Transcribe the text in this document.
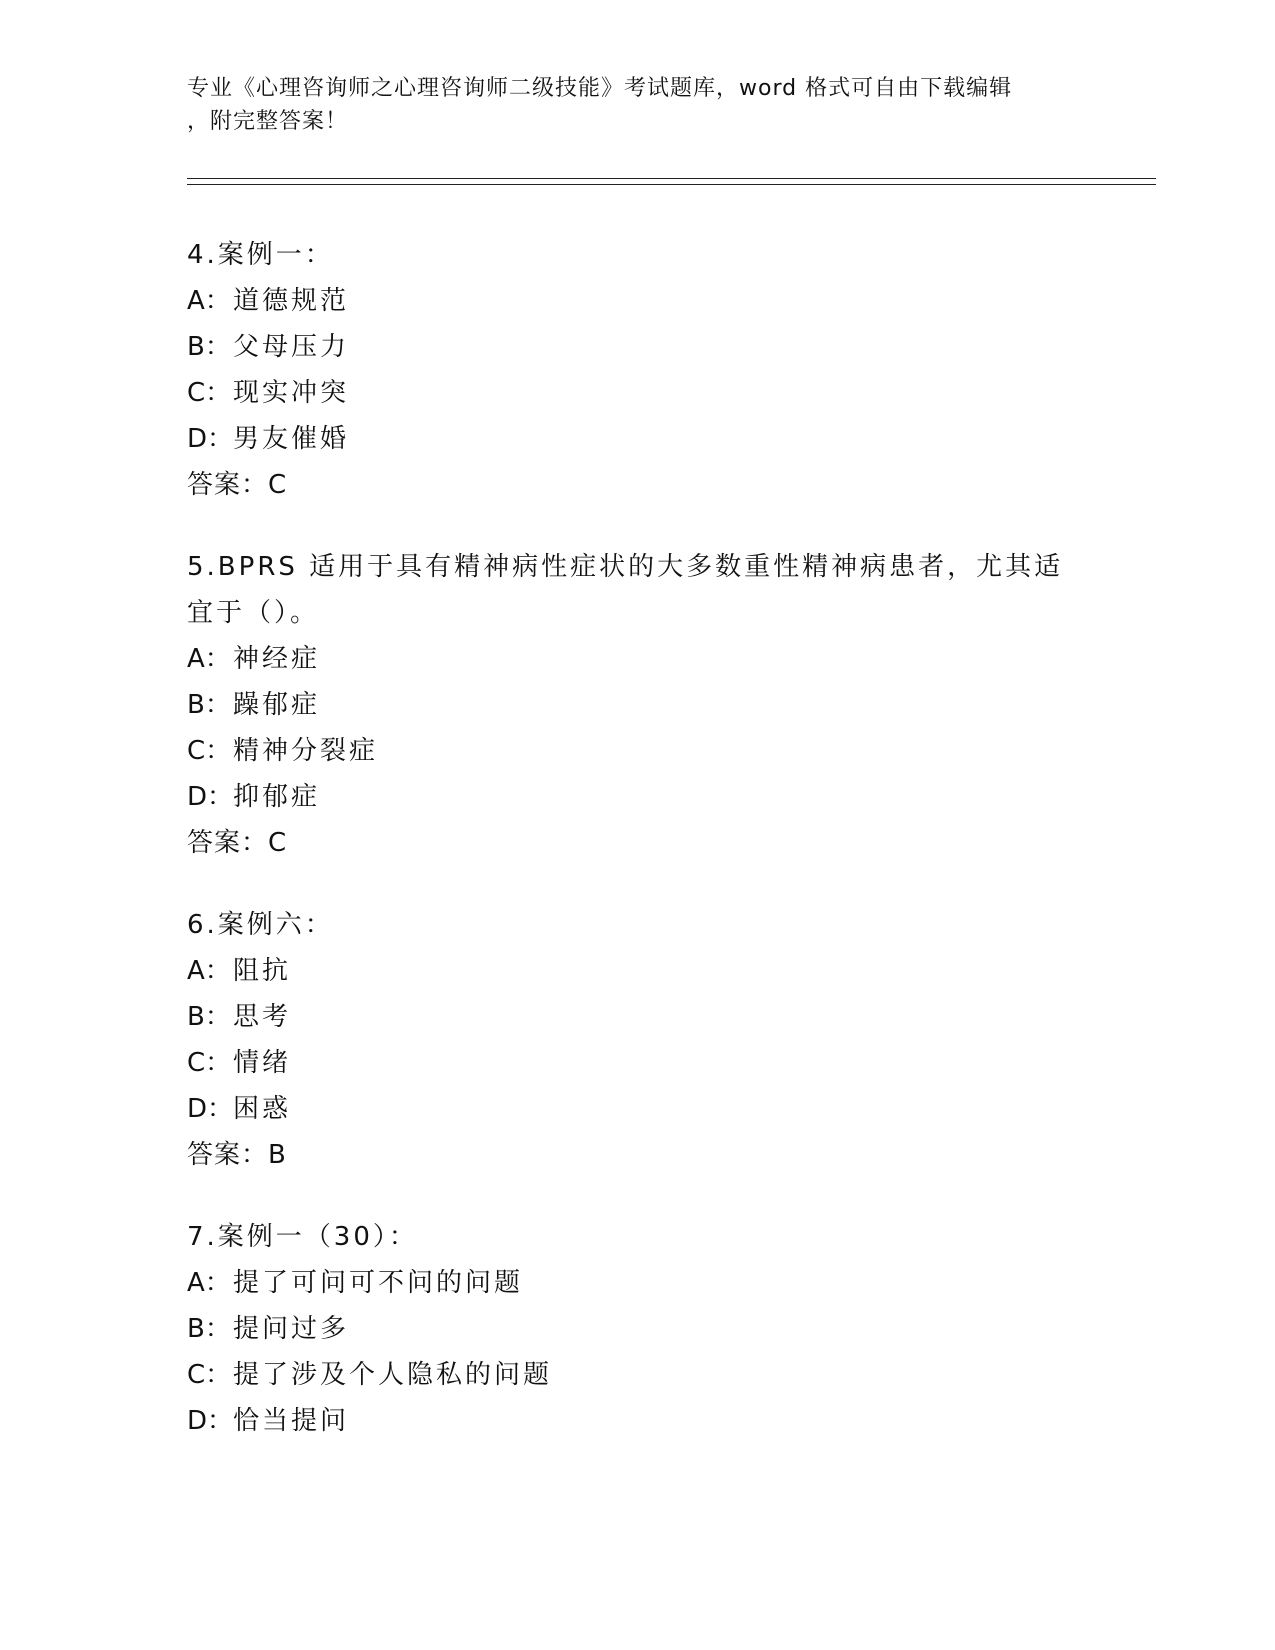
专业《心理咨询师之心理咨询师二级技能》考试题库，word 格式可自由下载编辑
，附完整答案！
4.案例一：
A：道德规范
B：父母压力
C：现实冲突
D：男友催婚
答案：C
5.BPRS 适用于具有精神病性症状的大多数重性精神病患者，尤其适宜于（）。
A：神经症
B：躁郁症
C：精神分裂症
D：抑郁症
答案：C
6.案例六：
A：阻抗
B：思考
C：情绪
D：困惑
答案：B
7.案例一（30）：
A：提了可问可不问的问题
B：提问过多
C：提了涉及个人隐私的问题
D：恰当提问
